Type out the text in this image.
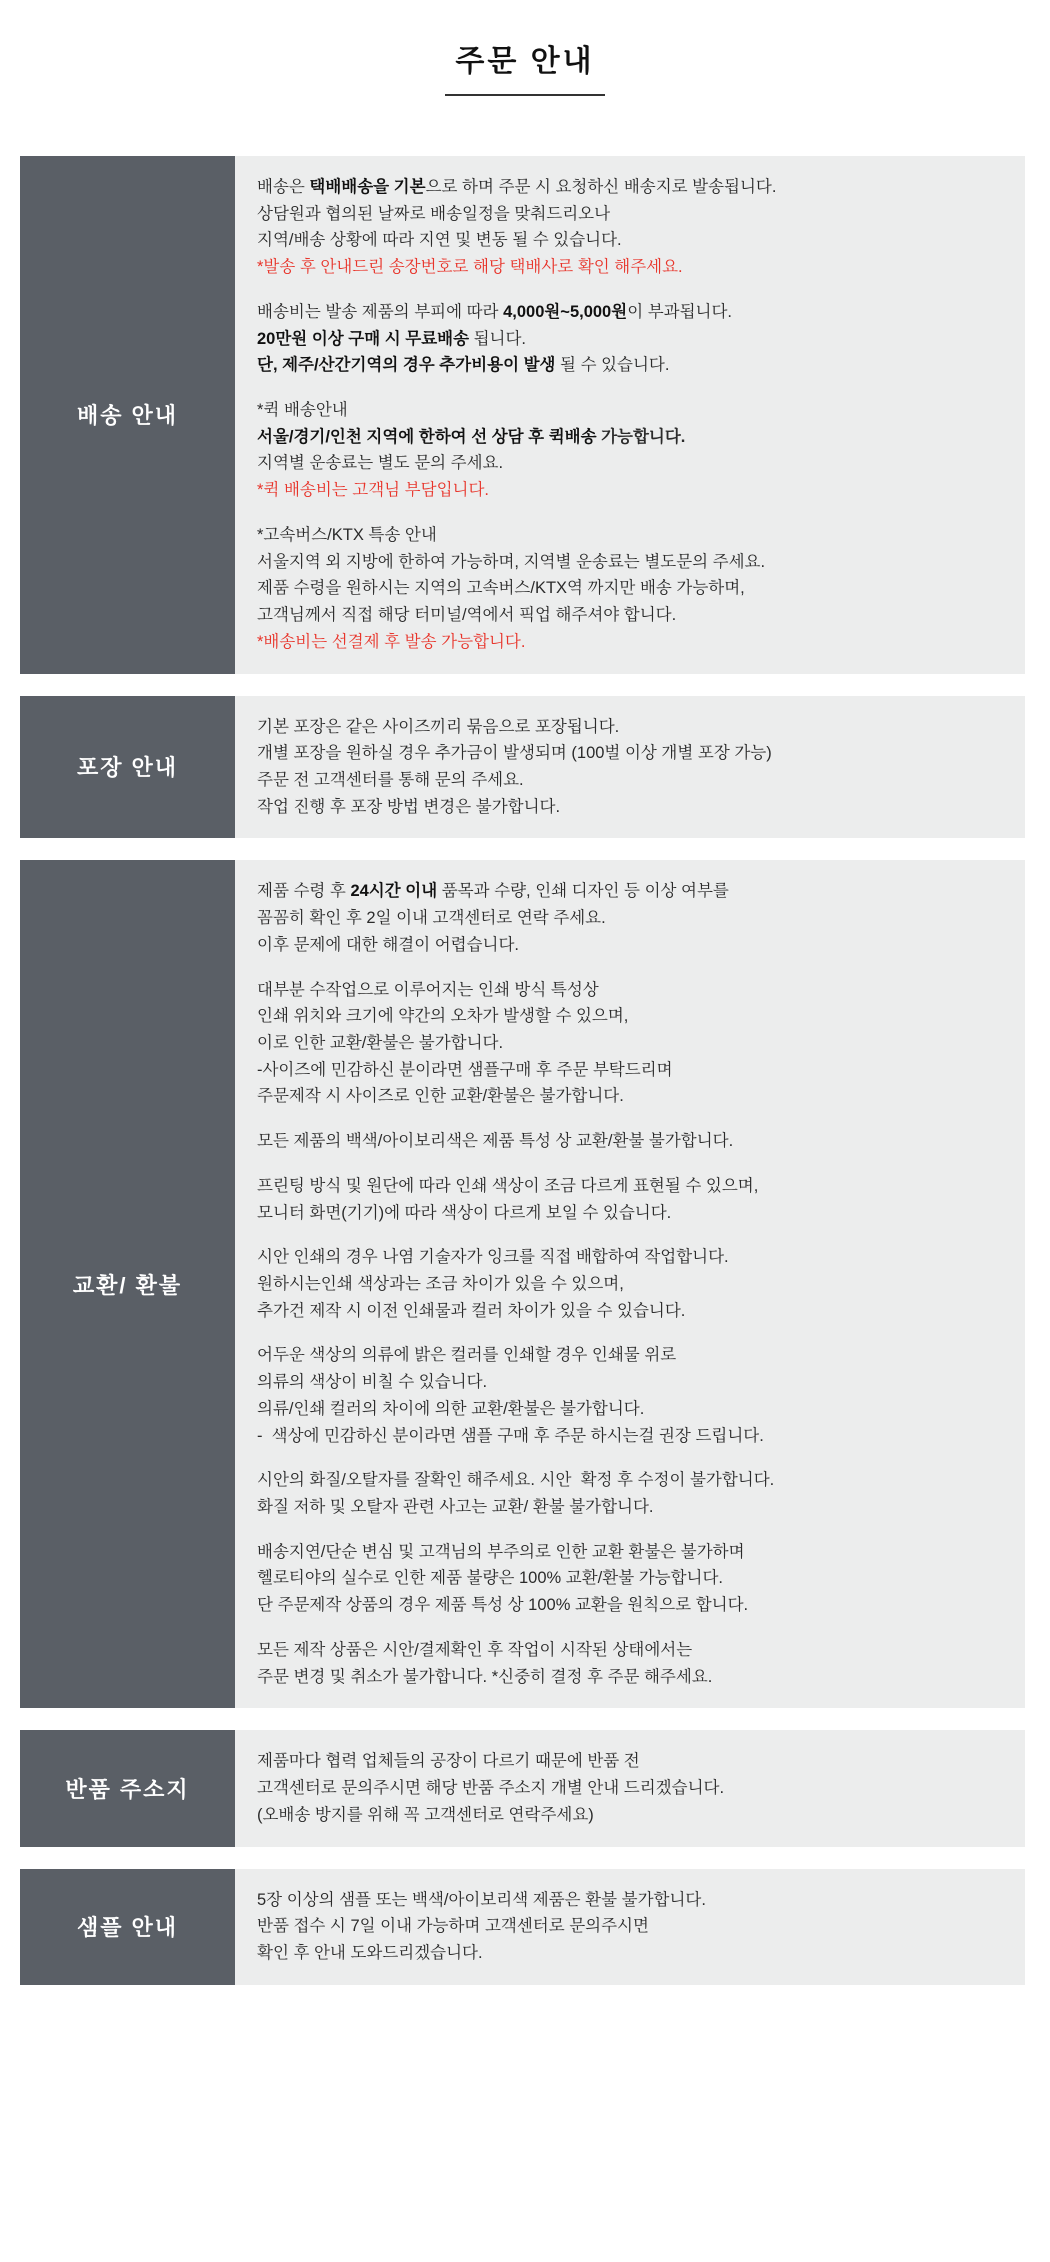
주문 안내
배송 안내
배송은 택배배송을 기본으로 하며 주문 시 요청하신 배송지로 발송됩니다.
상담원과 협의된 날짜로 배송일정을 맞춰드리오나
지역/배송 상황에 따라 지연 및 변동 될 수 있습니다.
*발송 후 안내드린 송장번호로 해당 택배사로 확인 해주세요.
배송비는 발송 제품의 부피에 따라 4,000원~5,000원이 부과됩니다.
20만원 이상 구매 시 무료배송 됩니다.
단, 제주/산간기역의 경우 추가비용이 발생 될 수 있습니다.
*퀵 배송안내
서울/경기/인천 지역에 한하여 선 상담 후 퀵배송 가능합니다.
지역별 운송료는 별도 문의 주세요.
*퀵 배송비는 고객님 부담입니다.
*고속버스/KTX 특송 안내
서울지역 외 지방에 한하여 가능하며, 지역별 운송료는 별도문의 주세요.
제품 수령을 원하시는 지역의 고속버스/KTX역 까지만 배송 가능하며,
고객님께서 직접 해당 터미널/역에서 픽업 해주셔야 합니다.
*배송비는 선결제 후 발송 가능합니다.
포장 안내
기본 포장은 같은 사이즈끼리 묶음으로 포장됩니다.
개별 포장을 원하실 경우 추가금이 발생되며 (100벌 이상 개별 포장 가능)
주문 전 고객센터를 통해 문의 주세요.
작업 진행 후 포장 방법 변경은 불가합니다.
교환/ 환불
제품 수령 후 24시간 이내 품목과 수량, 인쇄 디자인 등 이상 여부를
꼼꼼히 확인 후 2일 이내 고객센터로 연락 주세요.
이후 문제에 대한 해결이 어렵습니다.
대부분 수작업으로 이루어지는 인쇄 방식 특성상
인쇄 위치와 크기에 약간의 오차가 발생할 수 있으며,
이로 인한 교환/환불은 불가합니다.
-사이즈에 민감하신 분이라면 샘플구매 후 주문 부탁드리며
주문제작 시 사이즈로 인한 교환/환불은 불가합니다.
모든 제품의 백색/아이보리색은 제품 특성 상 교환/환불 불가합니다.
프린팅 방식 및 원단에 따라 인쇄 색상이 조금 다르게 표현될 수 있으며,
모니터 화면(기기)에 따라 색상이 다르게 보일 수 있습니다.
시안 인쇄의 경우 나염 기술자가 잉크를 직접 배합하여 작업합니다.
원하시는인쇄 색상과는 조금 차이가 있을 수 있으며,
추가건 제작 시 이전 인쇄물과 컬러 차이가 있을 수 있습니다.
어두운 색상의 의류에 밝은 컬러를 인쇄할 경우 인쇄물 위로
의류의 색상이 비칠 수 있습니다.
의류/인쇄 컬러의 차이에 의한 교환/환불은 불가합니다.
-  색상에 민감하신 분이라면 샘플 구매 후 주문 하시는걸 권장 드립니다.
시안의 화질/오탈자를 잘확인 해주세요. 시안  확정 후 수정이 불가합니다.
화질 저하 및 오탈자 관련 사고는 교환/ 환불 불가합니다.
배송지연/단순 변심 및 고객님의 부주의로 인한 교환 환불은 불가하며
헬로티야의 실수로 인한 제품 불량은 100% 교환/환불 가능합니다.
단 주문제작 상품의 경우 제품 특성 상 100% 교환을 원칙으로 합니다.
모든 제작 상품은 시안/결제확인 후 작업이 시작된 상태에서는
주문 변경 및 취소가 불가합니다. *신중히 결정 후 주문 해주세요.
반품 주소지
제품마다 협력 업체들의 공장이 다르기 때문에 반품 전
고객센터로 문의주시면 해당 반품 주소지 개별 안내 드리겠습니다.
(오배송 방지를 위해 꼭 고객센터로 연락주세요)
샘플 안내
5장 이상의 샘플 또는 백색/아이보리색 제품은 환불 불가합니다.
반품 접수 시 7일 이내 가능하며 고객센터로 문의주시면
확인 후 안내 도와드리겠습니다.
